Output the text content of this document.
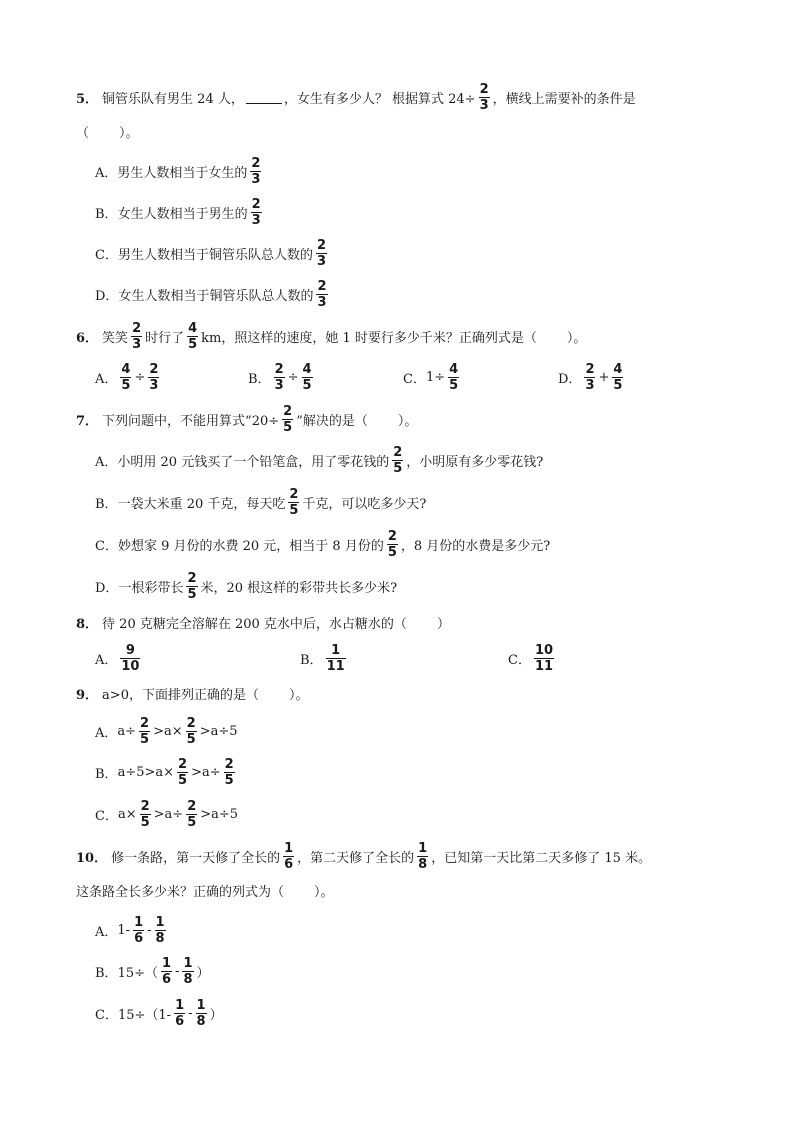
5． 铜管乐队有男生 24 人，	，女生有多少人？ 根据算式 $24\div \frac{2}{3}$ ，横线上需要补的条件是
（ ）。
A． 男生人数相当于女生的 $\frac{2}{3}$
B． 女生人数相当于男生的 $\frac{2}{3}$
C． 男生人数相当于铜管乐队总人数的 $\frac{2}{3}$
D． 女生人数相当于铜管乐队总人数的 $\frac{2}{3}$
6． 笑笑 $\frac{2}{3}$ 时行了 $\frac{4}{5}$ km，照这样的速度，她 1 时要行多少千米？正确列式是（ ）。
A． $\frac{4}{5} \div \frac{2}{3}$	B． $\frac{2}{3} \div \frac{4}{5}$	C． $1\div \frac{4}{5}$	D． $\frac{2}{3} + \frac{4}{5}$
7． 下列问题中，不能用算式“$20\div \frac{2}{5}$ ”解决的是（ ）。
A． 小明用 20 元钱买了一个铅笔盒，用了零花钱的 $\frac{2}{5}$ ，小明原有多少零花钱?
B． 一袋大米重 20 千克，每天吃 $\frac{2}{5}$ 千克，可以吃多少天?
C． 妙想家 9 月份的水费 20 元，相当于 8 月份的 $\frac{2}{5}$ ，8 月份的水费是多少元?
D． 一根彩带长 $\frac{2}{5}$ 米，20 根这样的彩带共长多少米?
8． 待 20 克糖完全溶解在 200 克水中后，水占糖水的（ ）
A． $\frac{9}{10}$	B． $\frac{1}{11}$	C． $\frac{10}{11}$
9． a>0，下面排列正确的是（ ）。
A． $a\div \frac{2}{5} >a\times \frac{2}{5} >a\div 5$
B． $a\div 5>a\times \frac{2}{5} >a\div \frac{2}{5}$
C． $a\times \frac{2}{5} >a\div \frac{2}{5} >a\div 5$
10． 修一条路，第一天修了全长的 $\frac{1}{6}$ ，第二天修了全长的 $\frac{1}{8}$ ，已知第一天比第二天多修了 15 米。
这条路全长多少米？正确的列式为（ ）。
A． $1- \frac{1}{6} - \frac{1}{8}$
B． $15\div( \frac{1}{6} - \frac{1}{8}$ ）
C． $15\div(1- \frac{1}{6} - \frac{1}{8}$ ）
